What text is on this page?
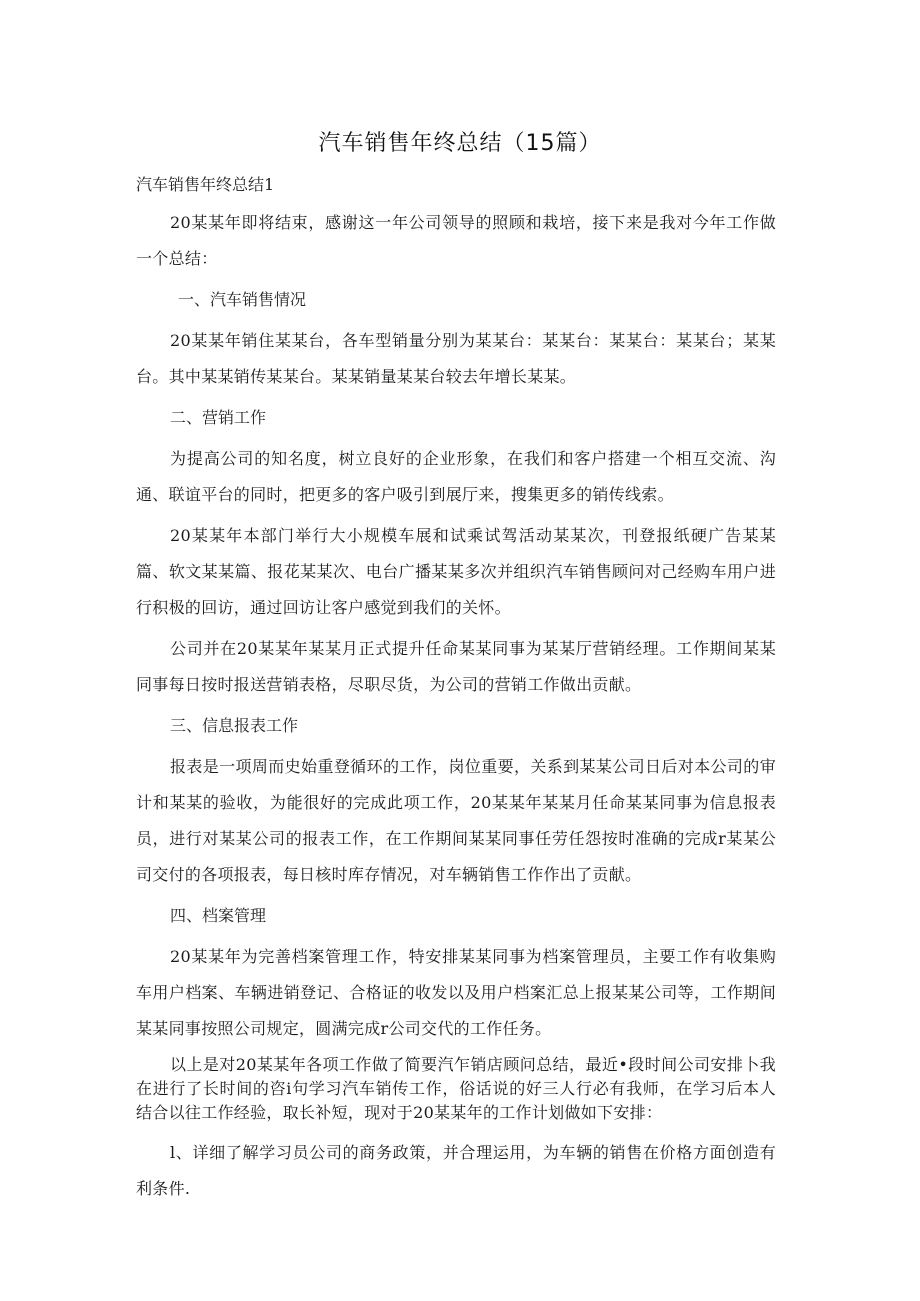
汽车销售年终总结（15篇）
汽车销售年终总结1

20某某年即将结束，感谢这一年公司领导的照顾和栽培，接下来是我对今年工作做一个总结：

一、汽车销售情况

20某某年销住某某台，各车型销量分别为某某台：某某台：某某台：某某台；某某台。其中某某销传某某台。某某销量某某台较去年增长某某。

二、营销工作

为提高公司的知名度，树立良好的企业形象，在我们和客户搭建一个相互交流、沟通、联谊平台的同时，把更多的客户吸引到展厅来，搜集更多的销传线索。

20某某年本部门举行大小规模车展和试乘试驾活动某某次，刊登报纸硬广告某某篇、软文某某篇、报花某某次、电台广播某某多次并组织汽车销售顾问对己经购车用户进行积极的回访，通过回访让客户感觉到我们的关怀。

公司并在20某某年某某月正式提升任命某某同事为某某厅营销经理。工作期间某某同事每日按时报送营销表格，尽职尽货，为公司的营销工作做出贡献。

三、信息报表工作

报表是一项周而史始重登循环的工作，岗位重要，关系到某某公司日后对本公司的审计和某某的验收，为能很好的完成此项工作，20某某年某某月任命某某同事为信息报表员，进行对某某公司的报表工作，在工作期间某某同事任劳任怨按时准确的完成r某某公司交付的各项报表，每日核时库存情况，对车辆销售工作作出了贡献。

四、档案管理

20某某年为完善档案管理工作，特安排某某同事为档案管理员，主要工作有收集购车用户档案、车辆进销登记、合格证的收发以及用户档案汇总上报某某公司等，工作期间某某同事按照公司规定，圆满完成r公司交代的工作任务。

以上是对20某某年各项工作做了简要汽乍销店顾问总结，最近•段时间公司安排卜我在进行了长时间的咨i句学习汽车销传工作，俗话说的好三人行必有我师，在学习后本人结合以往工作经验，取长补短，现对于20某某年的工作计划做如下安排：

l、详细了解学习员公司的商务政策，并合理运用，为车辆的销售在价格方面创造有利条件.
